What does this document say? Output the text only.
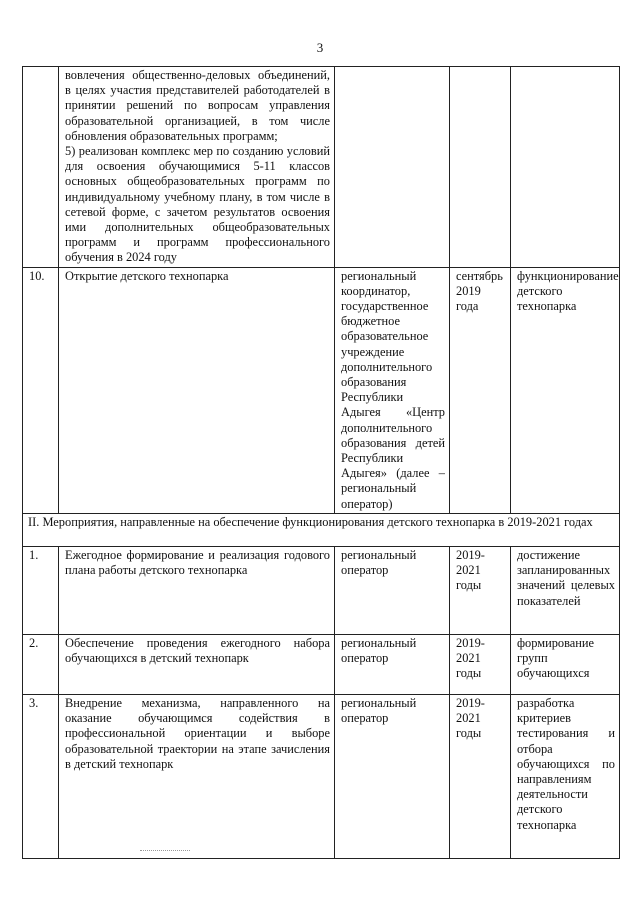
3
	вовлечения общественно-деловых объединений, в целях участия представителей работодателей в принятии решений по вопросам управления образовательной организацией, в том числе обновления образовательных программ;
5) реализован комплекс мер по созданию условий для освоения обучающимися 5-11 классов основных общеобразовательных программ по индивидуальному учебному плану, в том числе в сетевой форме, с зачетом результатов освоения ими дополнительных общеобразовательных программ и программ профессионального обучения в 2024 году			
10.	Открытие детского технопарка	региональный координатор, государственное бюджетное образовательное учреждение дополнительного образования Республики Адыгея «Центр дополнительного образования детей Республики Адыгея» (далее – региональный оператор)	сентябрь 2019 года	функционирование детского технопарка
II. Мероприятия, направленные на обеспечение функционирования детского технопарка в 2019-2021 годах				
1.	Ежегодное формирование и реализация годового плана работы детского технопарка	региональный оператор	2019-2021 годы	достижение запланированных значений целевых показателей
2.	Обеспечение проведения ежегодного набора обучающихся в детский технопарк	региональный оператор	2019-2021 годы	формирование групп обучающихся
3.	Внедрение механизма, направленного на оказание обучающимся содействия в профессиональной ориентации и выборе образовательной траектории на этапе зачисления в детский технопарк	региональный оператор	2019-2021 годы	разработка критериев тестирования и отбора обучающихся по направлениям деятельности детского технопарка
